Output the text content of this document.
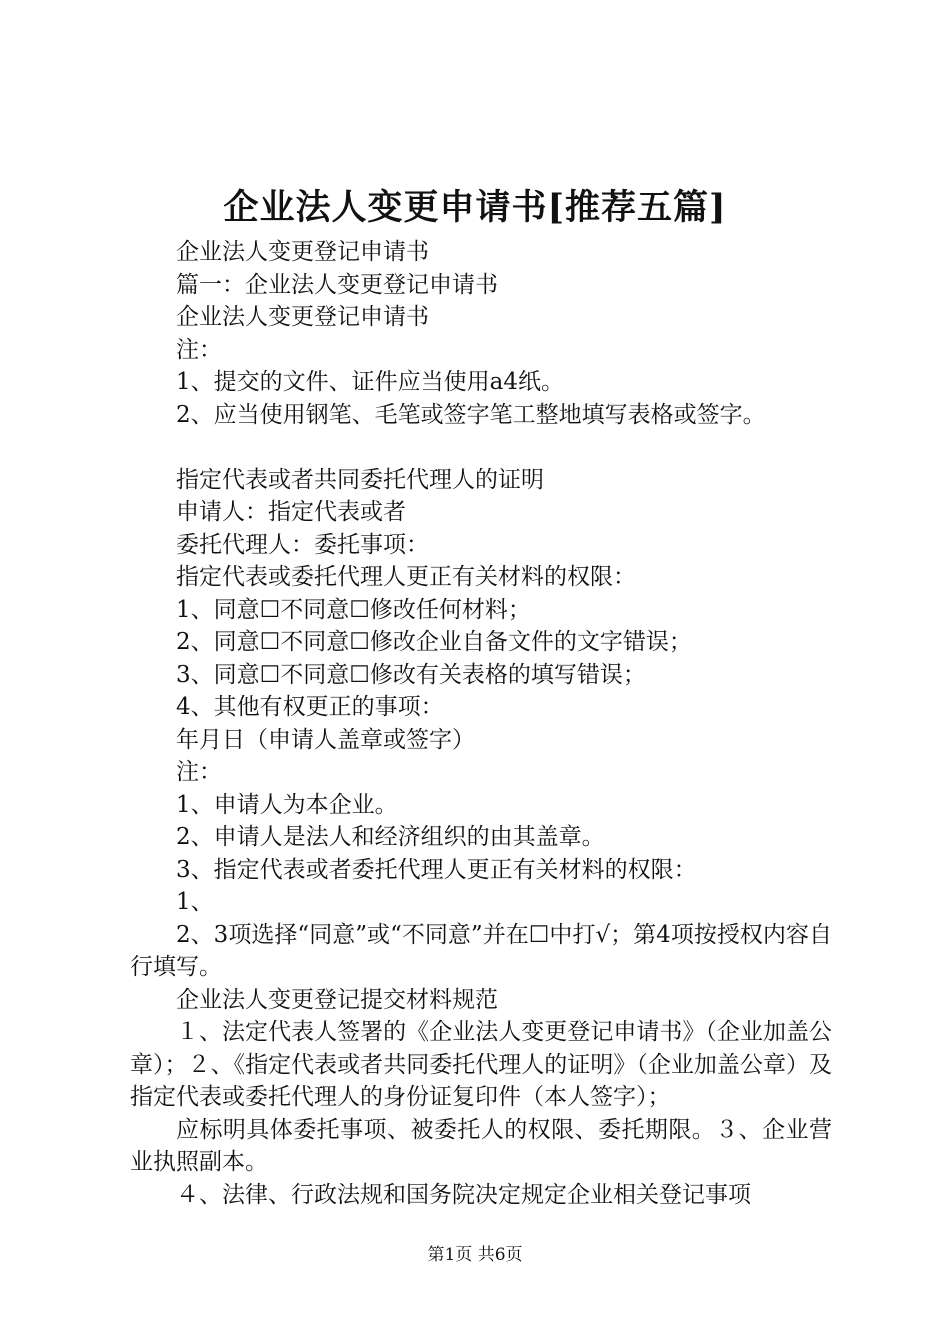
企业法人变更申请书[推荐五篇]

企业法人变更登记申请书

篇一：企业法人变更登记申请书

企业法人变更登记申请书

注：

1、提交的文件、证件应当使用a4纸。

2、应当使用钢笔、毛笔或签字笔工整地填写表格或签字。

指定代表或者共同委托代理人的证明

申请人：指定代表或者

委托代理人：委托事项：

指定代表或委托代理人更正有关材料的权限：

1、同意☐不同意☐修改任何材料；

2、同意☐不同意☐修改企业自备文件的文字错误；

3、同意☐不同意☐修改有关表格的填写错误；

4、其他有权更正的事项：

年月日（申请人盖章或签字）

注：

1、申请人为本企业。

2、申请人是法人和经济组织的由其盖章。

3、指定代表或者委托代理人更正有关材料的权限：

1、

2、3项选择“同意”或“不同意”并在☐中打√；第4项按授权内容自行填写。

企业法人变更登记提交材料规范

１、法定代表人签署的《企业法人变更登记申请书》（企业加盖公章）；２、《指定代表或者共同委托代理人的证明》（企业加盖公章）及指定代表或委托代理人的身份证复印件（本人签字）；

应标明具体委托事项、被委托人的权限、委托期限。３、企业营业执照副本。

４、法律、行政法规和国务院决定规定企业相关登记事项

第1页 共6页
